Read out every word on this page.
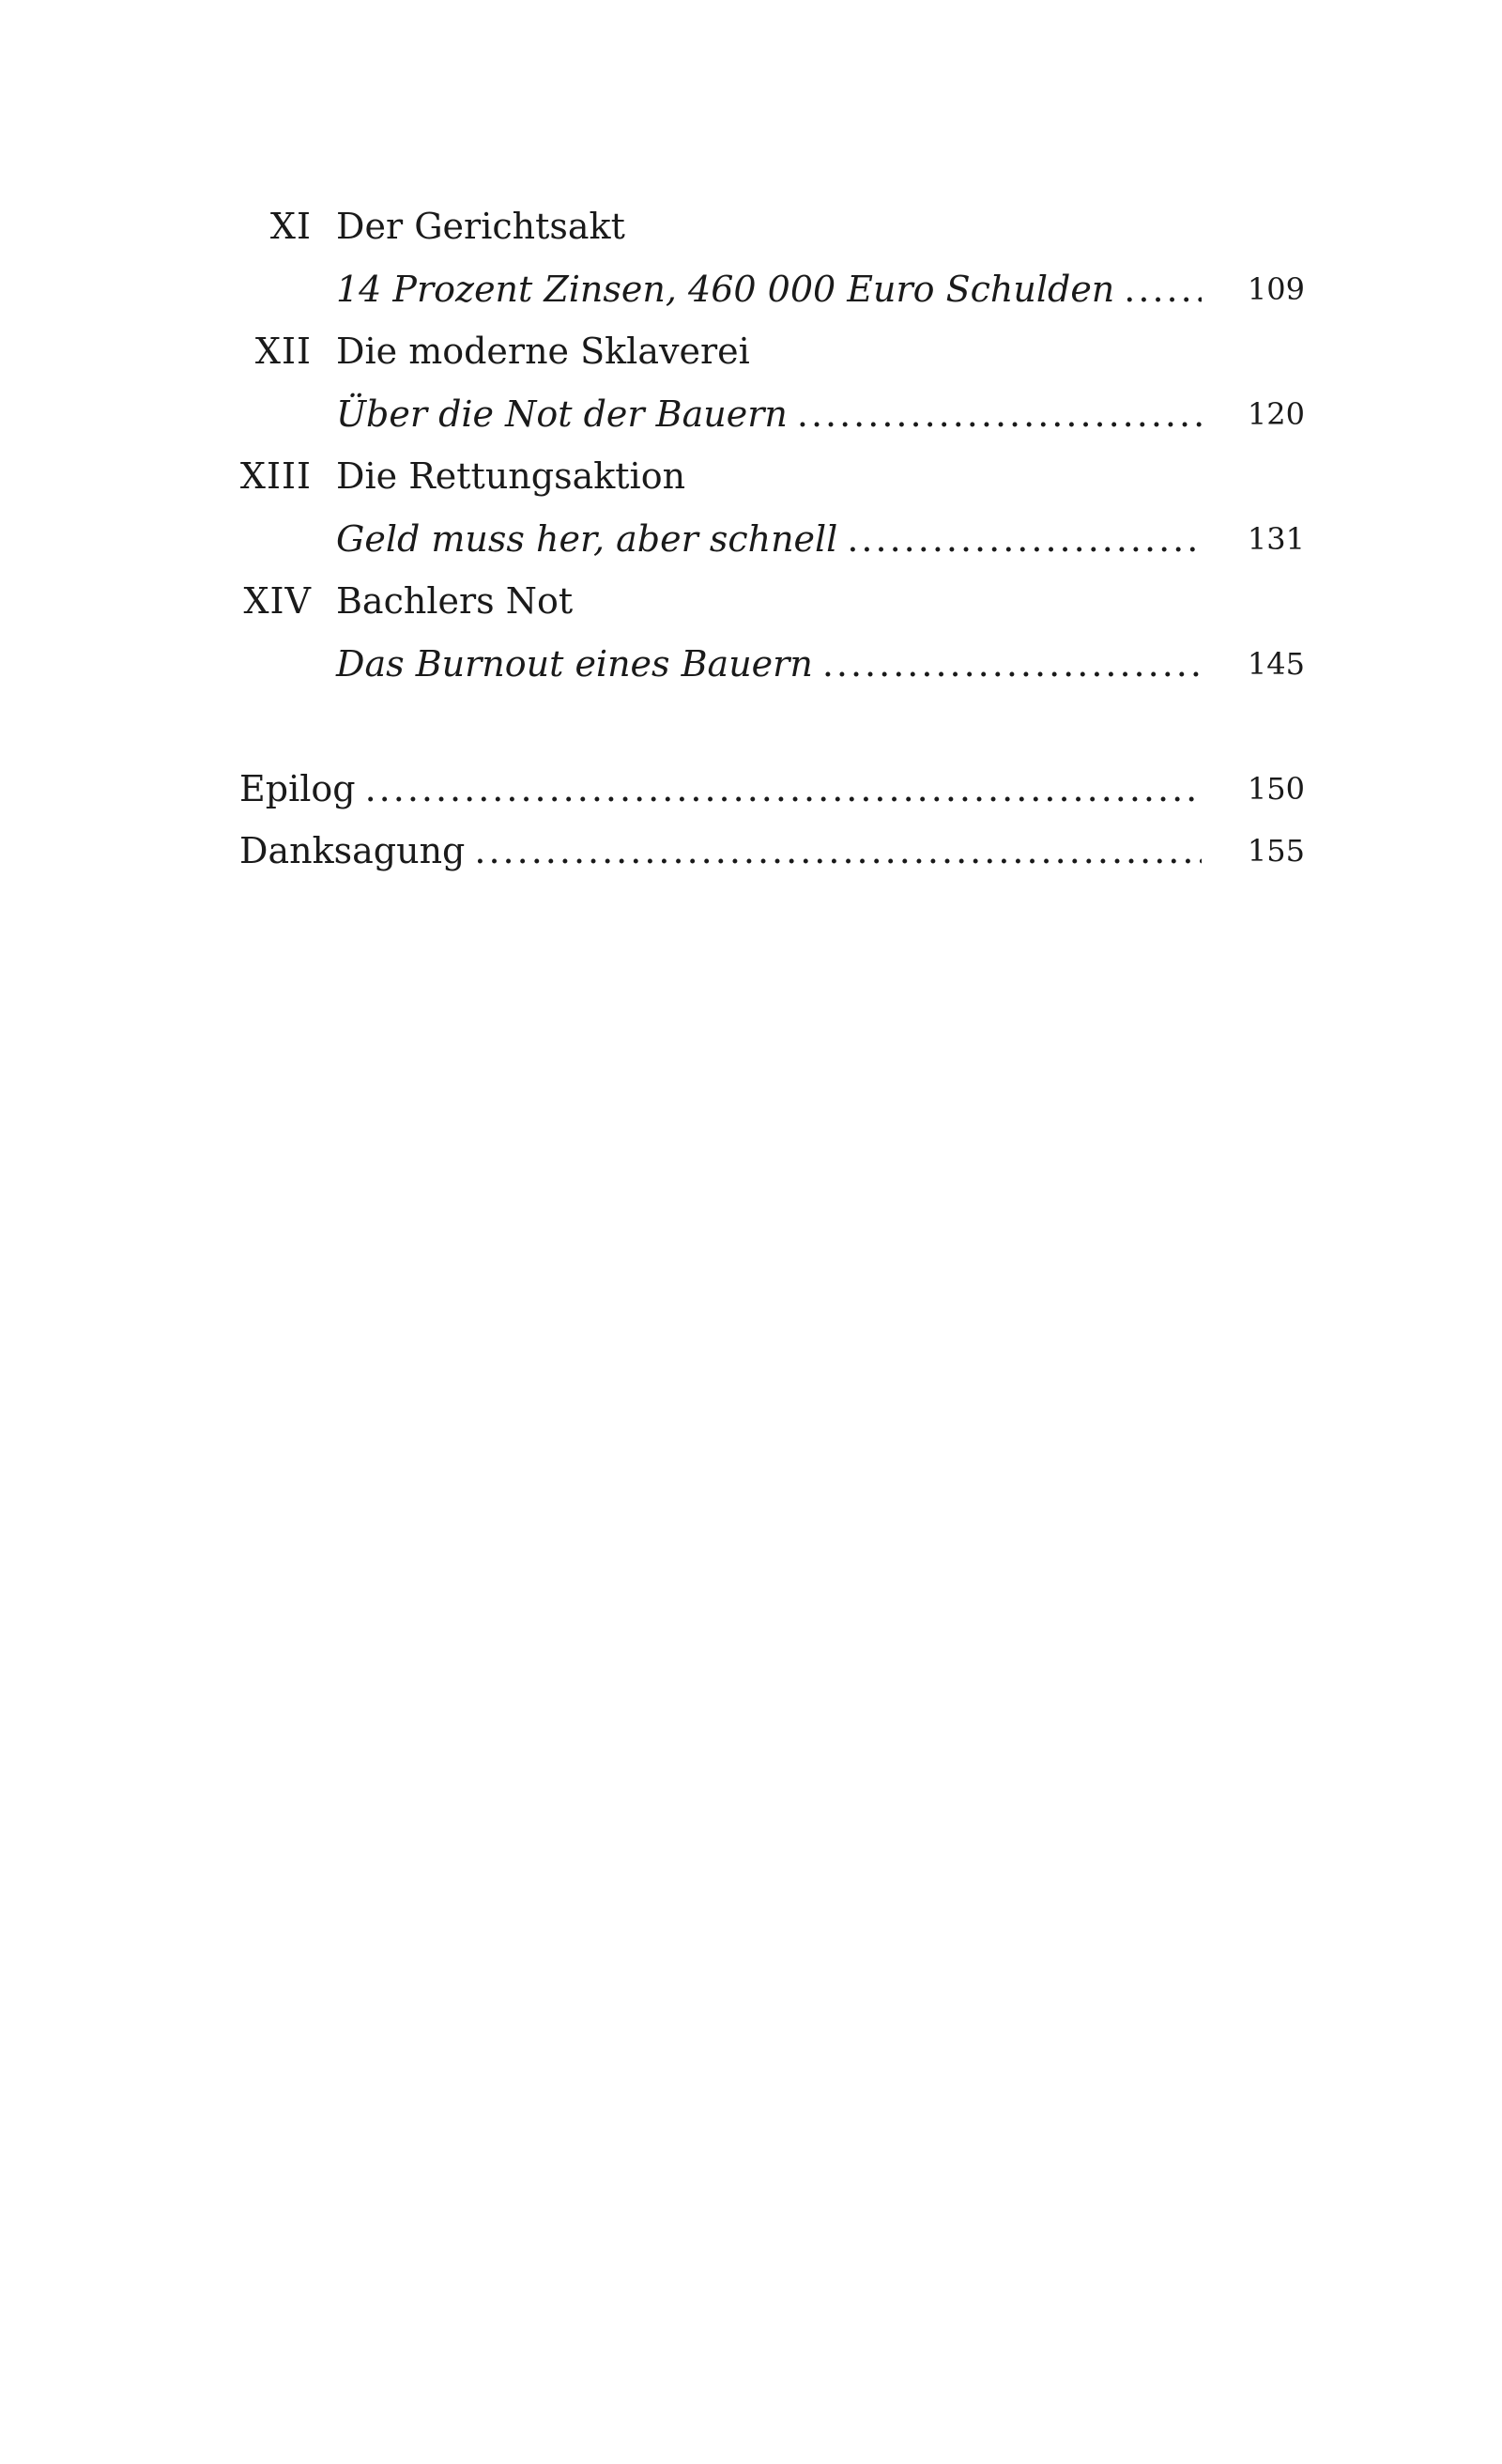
XI Der Gerichtsakt
14 Prozent Zinsen, 460 000 Euro Schulden .....	109
XII Die moderne Sklaverei
Über die Not der Bauern .....	120
XIII Die Rettungsaktion
Geld muss her, aber schnell .....	131
XIV Bachlers Not
Das Burnout eines Bauern .....	145
Epilog .....	150
Danksagung .....	155
